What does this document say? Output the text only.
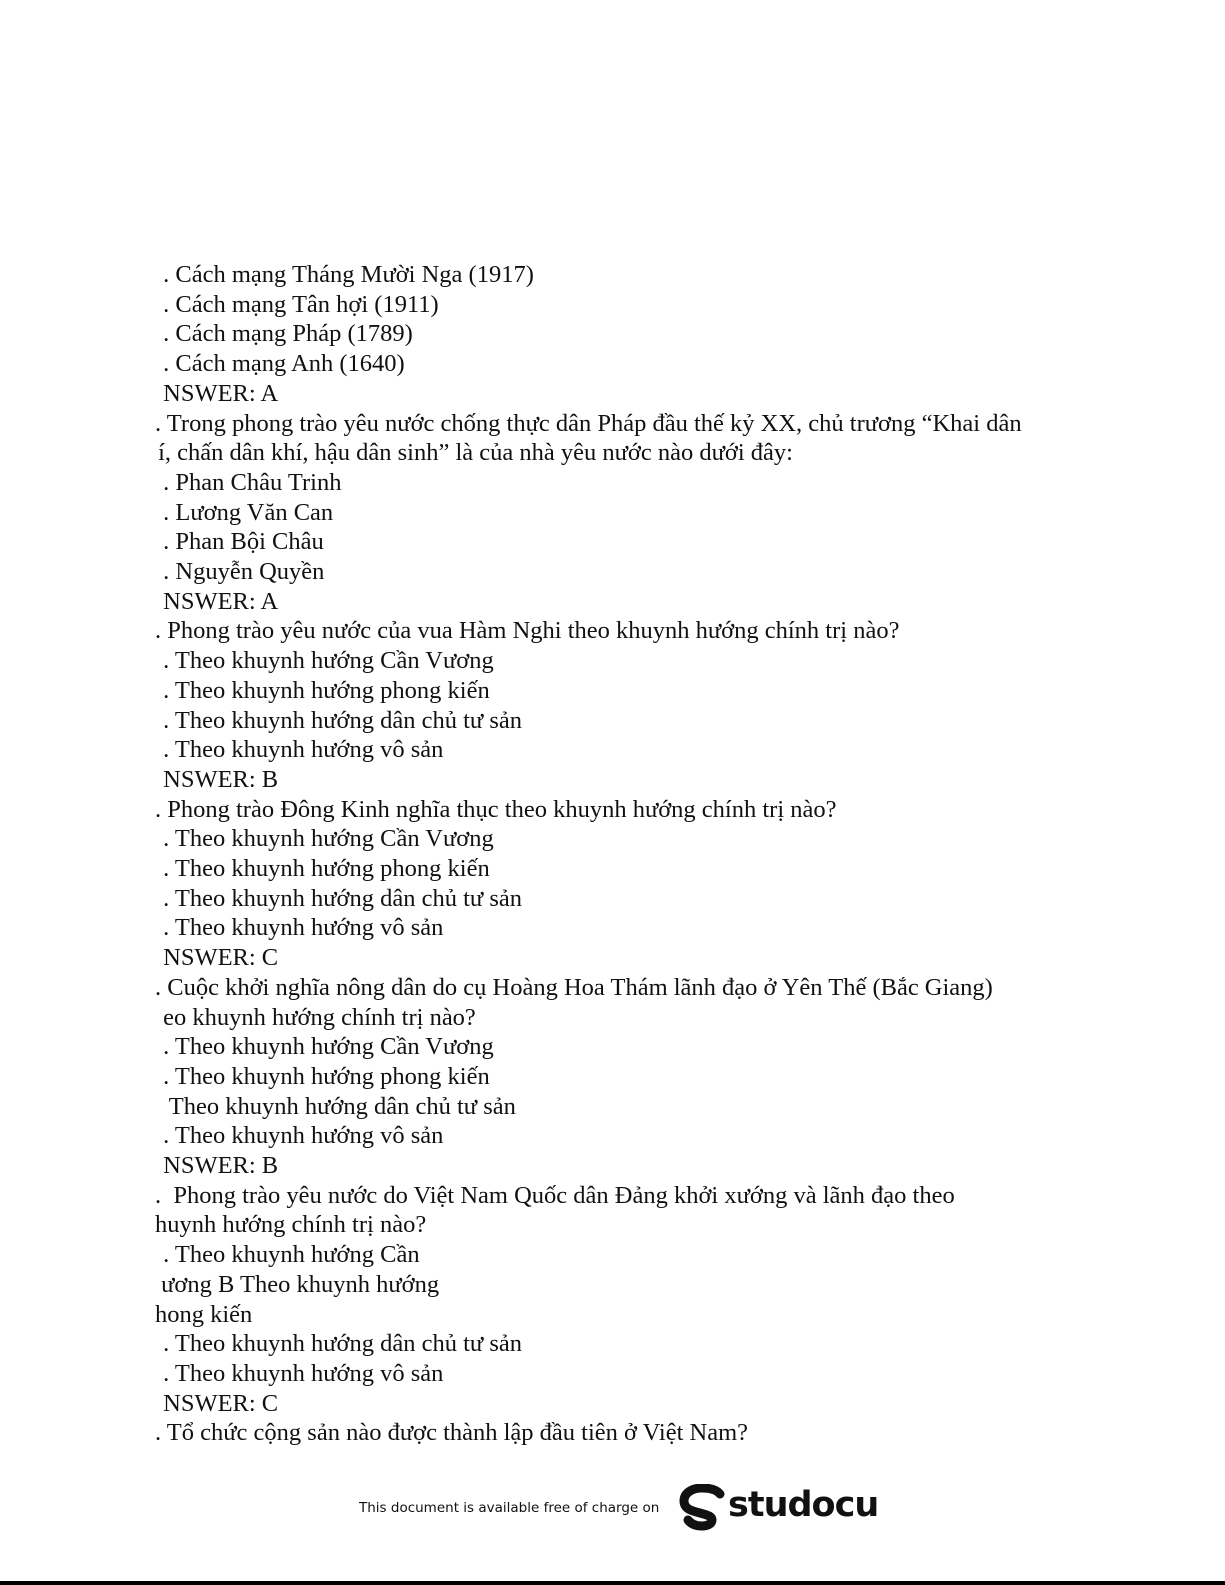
. Cách mạng Tháng Mười Nga (1917)
. Cách mạng Tân hợi (1911)
. Cách mạng Pháp (1789)
. Cách mạng Anh (1640)
NSWER: A
. Trong phong trào yêu nước chống thực dân Pháp đầu thế kỷ XX, chủ trương “Khai dân
í, chấn dân khí, hậu dân sinh” là của nhà yêu nước nào dưới đây:
. Phan Châu Trinh
. Lương Văn Can
. Phan Bội Châu
. Nguyễn Quyền
NSWER: A
. Phong trào yêu nước của vua Hàm Nghi theo khuynh hướng chính trị nào?
. Theo khuynh hướng Cần Vương
. Theo khuynh hướng phong kiến
. Theo khuynh hướng dân chủ tư sản
. Theo khuynh hướng vô sản
NSWER: B
. Phong trào Đông Kinh nghĩa thục theo khuynh hướng chính trị nào?
. Theo khuynh hướng Cần Vương
. Theo khuynh hướng phong kiến
. Theo khuynh hướng dân chủ tư sản
. Theo khuynh hướng vô sản
NSWER: C
. Cuộc khởi nghĩa nông dân do cụ Hoàng Hoa Thám lãnh đạo ở Yên Thế (Bắc Giang)
eo khuynh hướng chính trị nào?
. Theo khuynh hướng Cần Vương
. Theo khuynh hướng phong kiến
Theo khuynh hướng dân chủ tư sản
. Theo khuynh hướng vô sản
NSWER: B
.  Phong trào yêu nước do Việt Nam Quốc dân Đảng khởi xướng và lãnh đạo theo
huynh hướng chính trị nào?
. Theo khuynh hướng Cần
ương B Theo khuynh hướng
hong kiến
. Theo khuynh hướng dân chủ tư sản
. Theo khuynh hướng vô sản
NSWER: C
. Tổ chức cộng sản nào được thành lập đầu tiên ở Việt Nam?
This document is available free of charge on studocu
